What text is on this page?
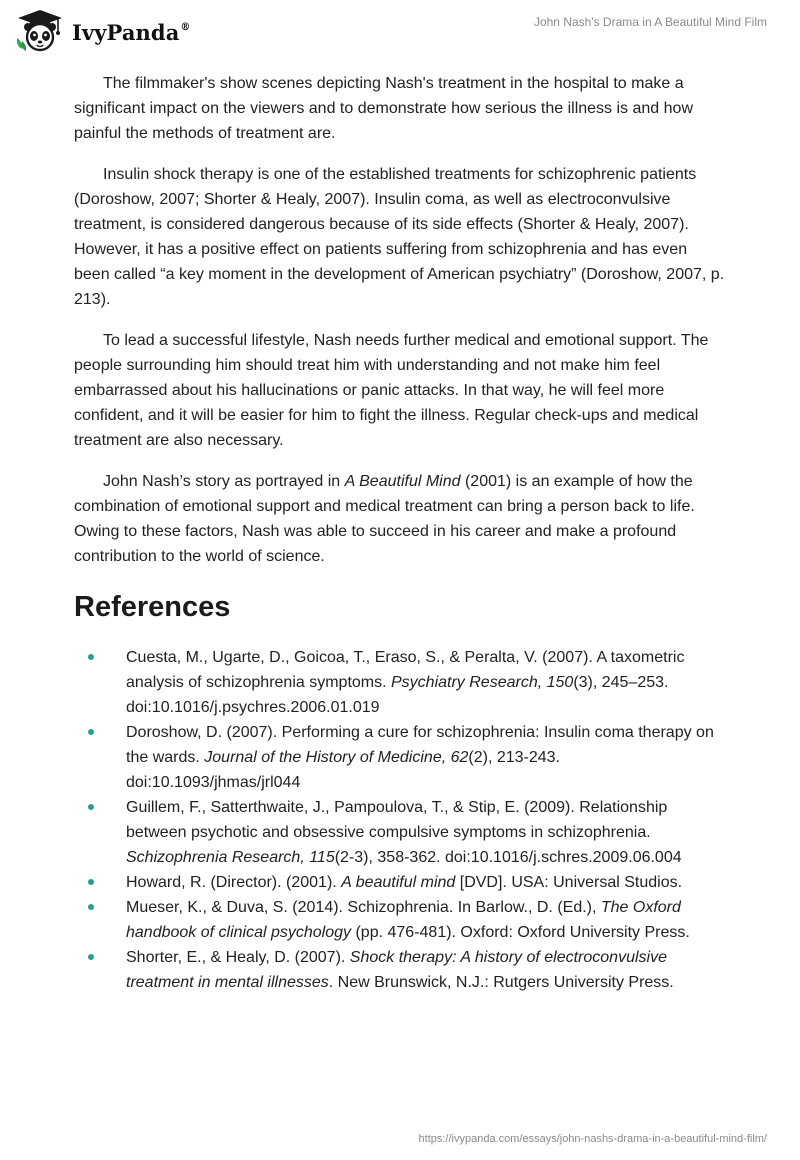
IvyPanda®	John Nash's Drama in A Beautiful Mind Film

The filmmaker's show scenes depicting Nash's treatment in the hospital to make a significant impact on the viewers and to demonstrate how serious the illness is and how painful the methods of treatment are.

Insulin shock therapy is one of the established treatments for schizophrenic patients (Doroshow, 2007; Shorter & Healy, 2007). Insulin coma, as well as electroconvulsive treatment, is considered dangerous because of its side effects (Shorter & Healy, 2007). However, it has a positive effect on patients suffering from schizophrenia and has even been called “a key moment in the development of American psychiatry” (Doroshow, 2007, p. 213).

To lead a successful lifestyle, Nash needs further medical and emotional support. The people surrounding him should treat him with understanding and not make him feel embarrassed about his hallucinations or panic attacks. In that way, he will feel more confident, and it will be easier for him to fight the illness. Regular check-ups and medical treatment are also necessary.

John Nash’s story as portrayed in A Beautiful Mind (2001) is an example of how the combination of emotional support and medical treatment can bring a person back to life. Owing to these factors, Nash was able to succeed in his career and make a profound contribution to the world of science.

References
Cuesta, M., Ugarte, D., Goicoa, T., Eraso, S., & Peralta, V. (2007). A taxometric analysis of schizophrenia symptoms. Psychiatry Research, 150(3), 245–253. doi:10.1016/j.psychres.2006.01.019
Doroshow, D. (2007). Performing a cure for schizophrenia: Insulin coma therapy on the wards. Journal of the History of Medicine, 62(2), 213-243. doi:10.1093/jhmas/jrl044
Guillem, F., Satterthwaite, J., Pampoulova, T., & Stip, E. (2009). Relationship between psychotic and obsessive compulsive symptoms in schizophrenia. Schizophrenia Research, 115(2-3), 358-362. doi:10.1016/j.schres.2009.06.004
Howard, R. (Director). (2001). A beautiful mind [DVD]. USA: Universal Studios.
Mueser, K., & Duva, S. (2014). Schizophrenia. In Barlow., D. (Ed.), The Oxford handbook of clinical psychology (pp. 476-481). Oxford: Oxford University Press.
Shorter, E., & Healy, D. (2007). Shock therapy: A history of electroconvulsive treatment in mental illnesses. New Brunswick, N.J.: Rutgers University Press.
https://ivypanda.com/essays/john-nashs-drama-in-a-beautiful-mind-film/
